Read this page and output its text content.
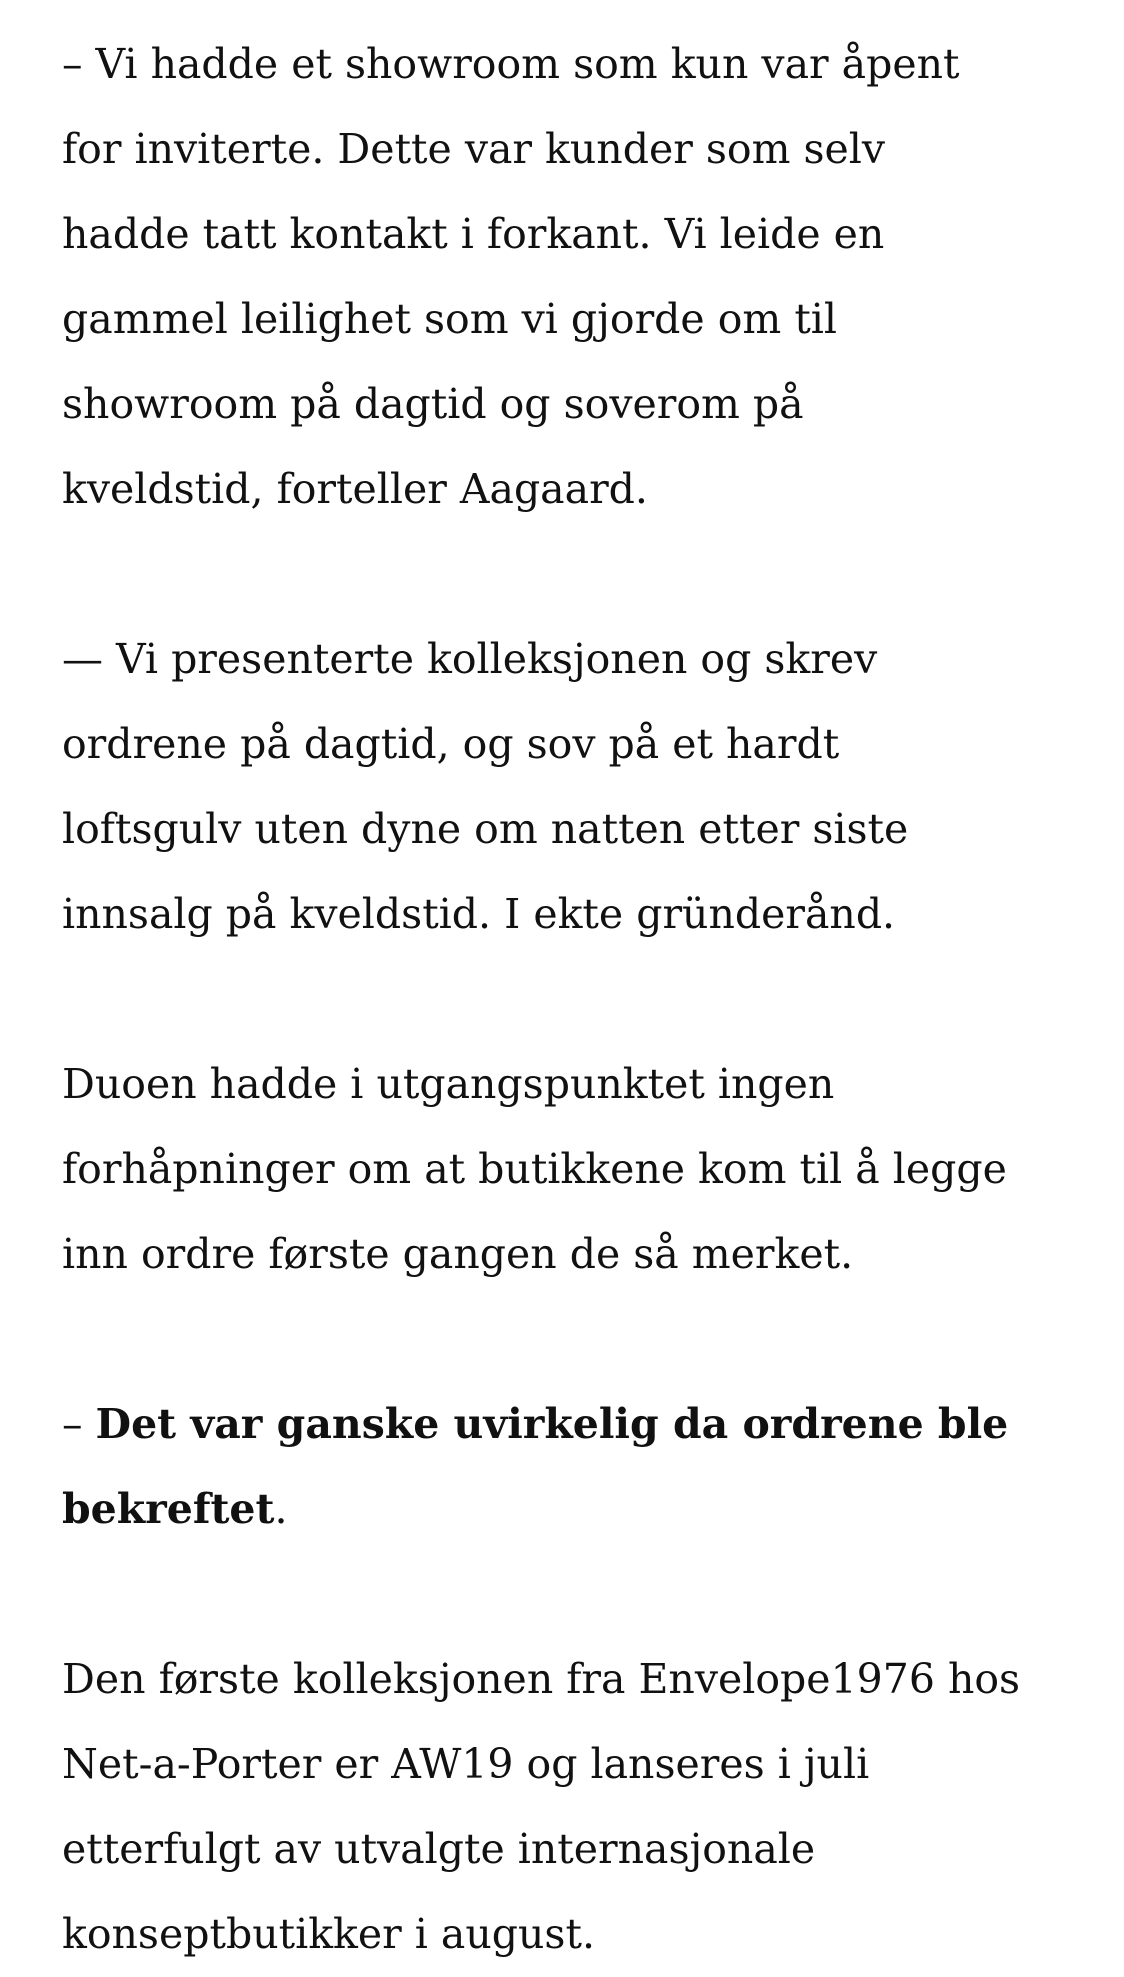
– Vi hadde et showroom som kun var åpent
for inviterte. Dette var kunder som selv
hadde tatt kontakt i forkant. Vi leide en
gammel leilighet som vi gjorde om til
showroom på dagtid og soverom på
kveldstid, forteller Aagaard.

— Vi presenterte kolleksjonen og skrev
ordrene på dagtid, og sov på et hardt
loftsgulv uten dyne om natten etter siste
innsalg på kveldstid. I ekte gründerånd.

Duoen hadde i utgangspunktet ingen
forhåpninger om at butikkene kom til å legge
inn ordre første gangen de så merket.

– Det var ganske uvirkelig da ordrene ble
bekreftet.

Den første kolleksjonen fra Envelope1976 hos
Net-a-Porter er AW19 og lanseres i juli
etterfulgt av utvalgte internasjonale
konseptbutikker i august.
